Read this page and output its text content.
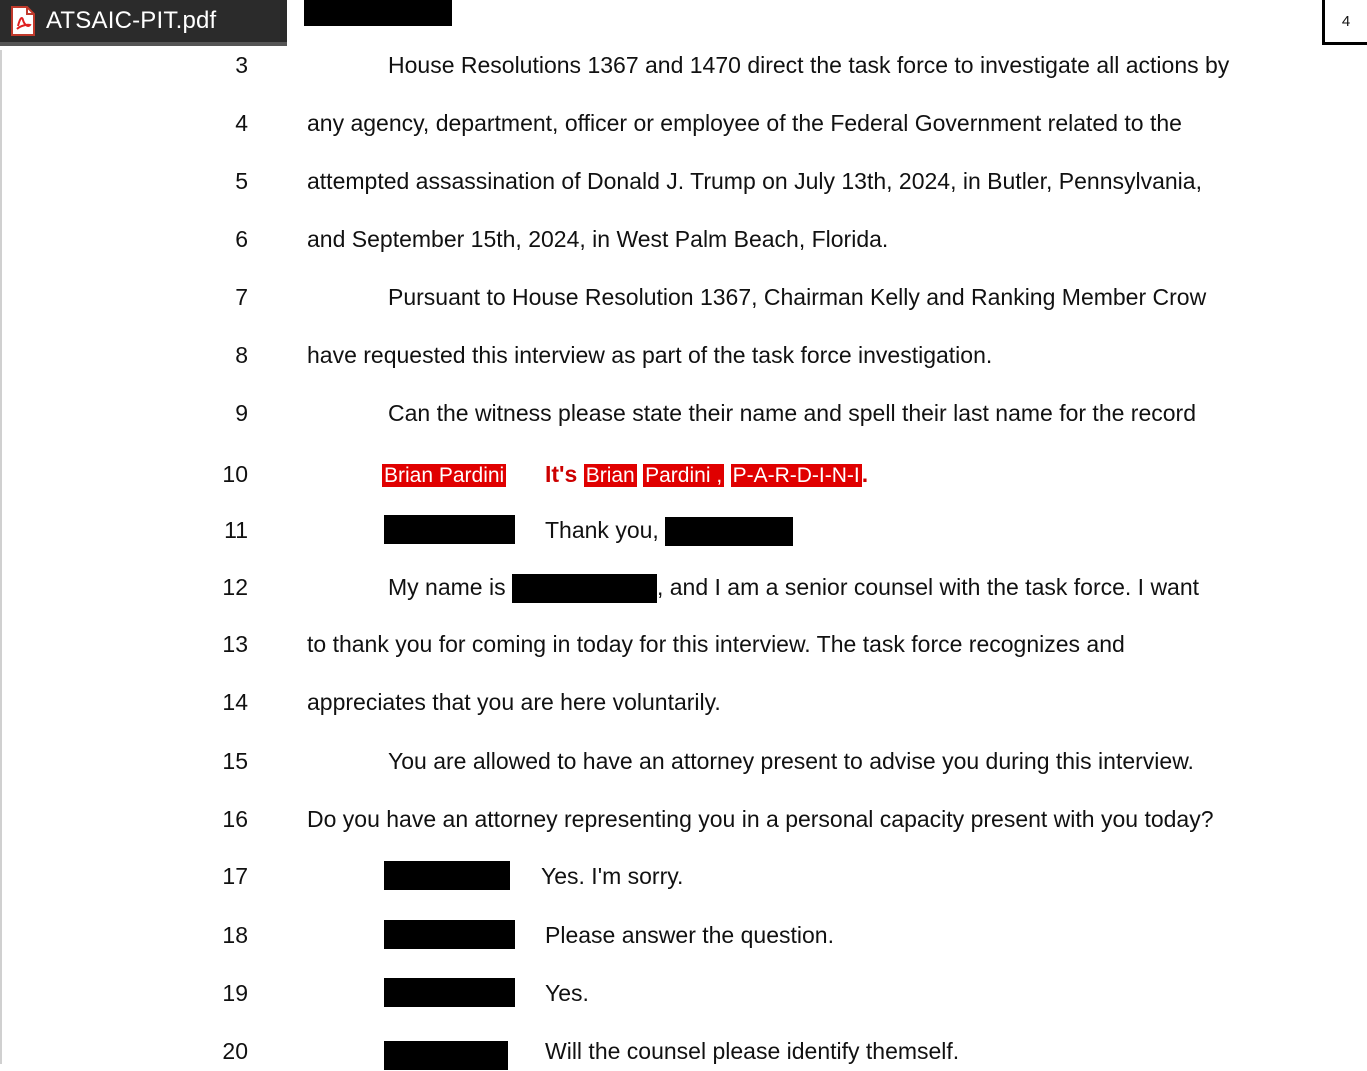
ATSAIC-PIT.pdf	4
3	House Resolutions 1367 and 1470 direct the task force to investigate all actions by
4	any agency, department, officer or employee of the Federal Government related to the
5	attempted assassination of Donald J. Trump on July 13th, 2024, in Butler, Pennsylvania,
6	and September 15th, 2024, in West Palm Beach, Florida.
7	Pursuant to House Resolution 1367, Chairman Kelly and Ranking Member Crow
8	have requested this interview as part of the task force investigation.
9	Can the witness please state their name and spell their last name for the record
10	Brian Pardini It's Brian Pardini , P-A-R-D-I-N-I.
11	Thank you,
12	My name is	, and I am a senior counsel with the task force. I want
13	to thank you for coming in today for this interview. The task force recognizes and
14	appreciates that you are here voluntarily.
15	You are allowed to have an attorney present to advise you during this interview.
16	Do you have an attorney representing you in a personal capacity present with you today?
17	Yes. I'm sorry.
18	Please answer the question.
19	Yes.
20	Will the counsel please identify themself.
